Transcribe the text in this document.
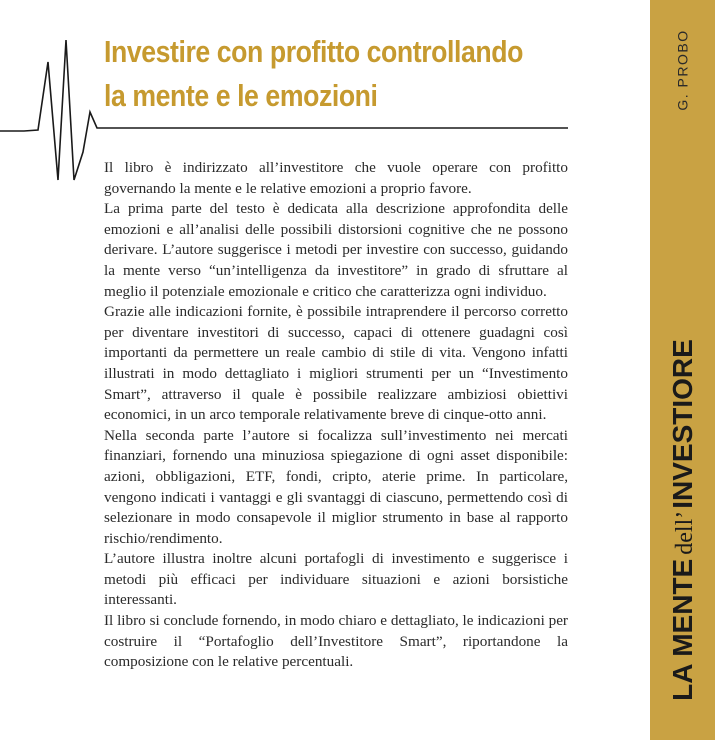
Investire con profitto controllando
la mente e le emozioni

Il libro è indirizzato all’investitore che vuole operare con profitto governando la mente e le relative emozioni a proprio favore.

La prima parte del testo è dedicata alla descrizione approfondita delle emozioni e all’analisi delle possibili distorsioni cognitive che ne possono derivare. L’autore suggerisce i metodi per investire con successo, guidando la mente verso “un’intelligenza da investitore” in grado di sfruttare al meglio il potenziale emozionale e critico che caratterizza ogni individuo.

Grazie alle indicazioni fornite, è possibile intraprendere il percorso corretto per diventare investitori di successo, capaci di ottenere guadagni così importanti da permettere un reale cambio di stile di vita. Vengono infatti illustrati in modo dettagliato i migliori strumenti per un “Investimento Smart”, attraverso il quale è possibile realizzare ambiziosi obiettivi economici, in un arco temporale relativamente breve di cinque-otto anni.

Nella seconda parte l’autore si focalizza sull’investimento nei mercati finanziari, fornendo una minuziosa spiegazione di ogni asset disponibile: azioni, obbligazioni, ETF, fondi, cripto, aterie prime. In particolare, vengono indicati i vantaggi e gli svantaggi di ciascuno, permettendo così di selezionare in modo consapevole il miglior strumento in base al rapporto rischio/rendimento.

L’autore illustra inoltre alcuni portafogli di investimento e suggerisce i metodi più efficaci per individuare situazioni e azioni borsistiche interessanti.

Il libro si conclude fornendo, in modo chiaro e dettagliato, le indicazioni per costruire il “Portafoglio dell’Investitore Smart”, riportandone la composizione con le relative percentuali.

G. PROBO
LA MENTEdell’INVESTIORE
